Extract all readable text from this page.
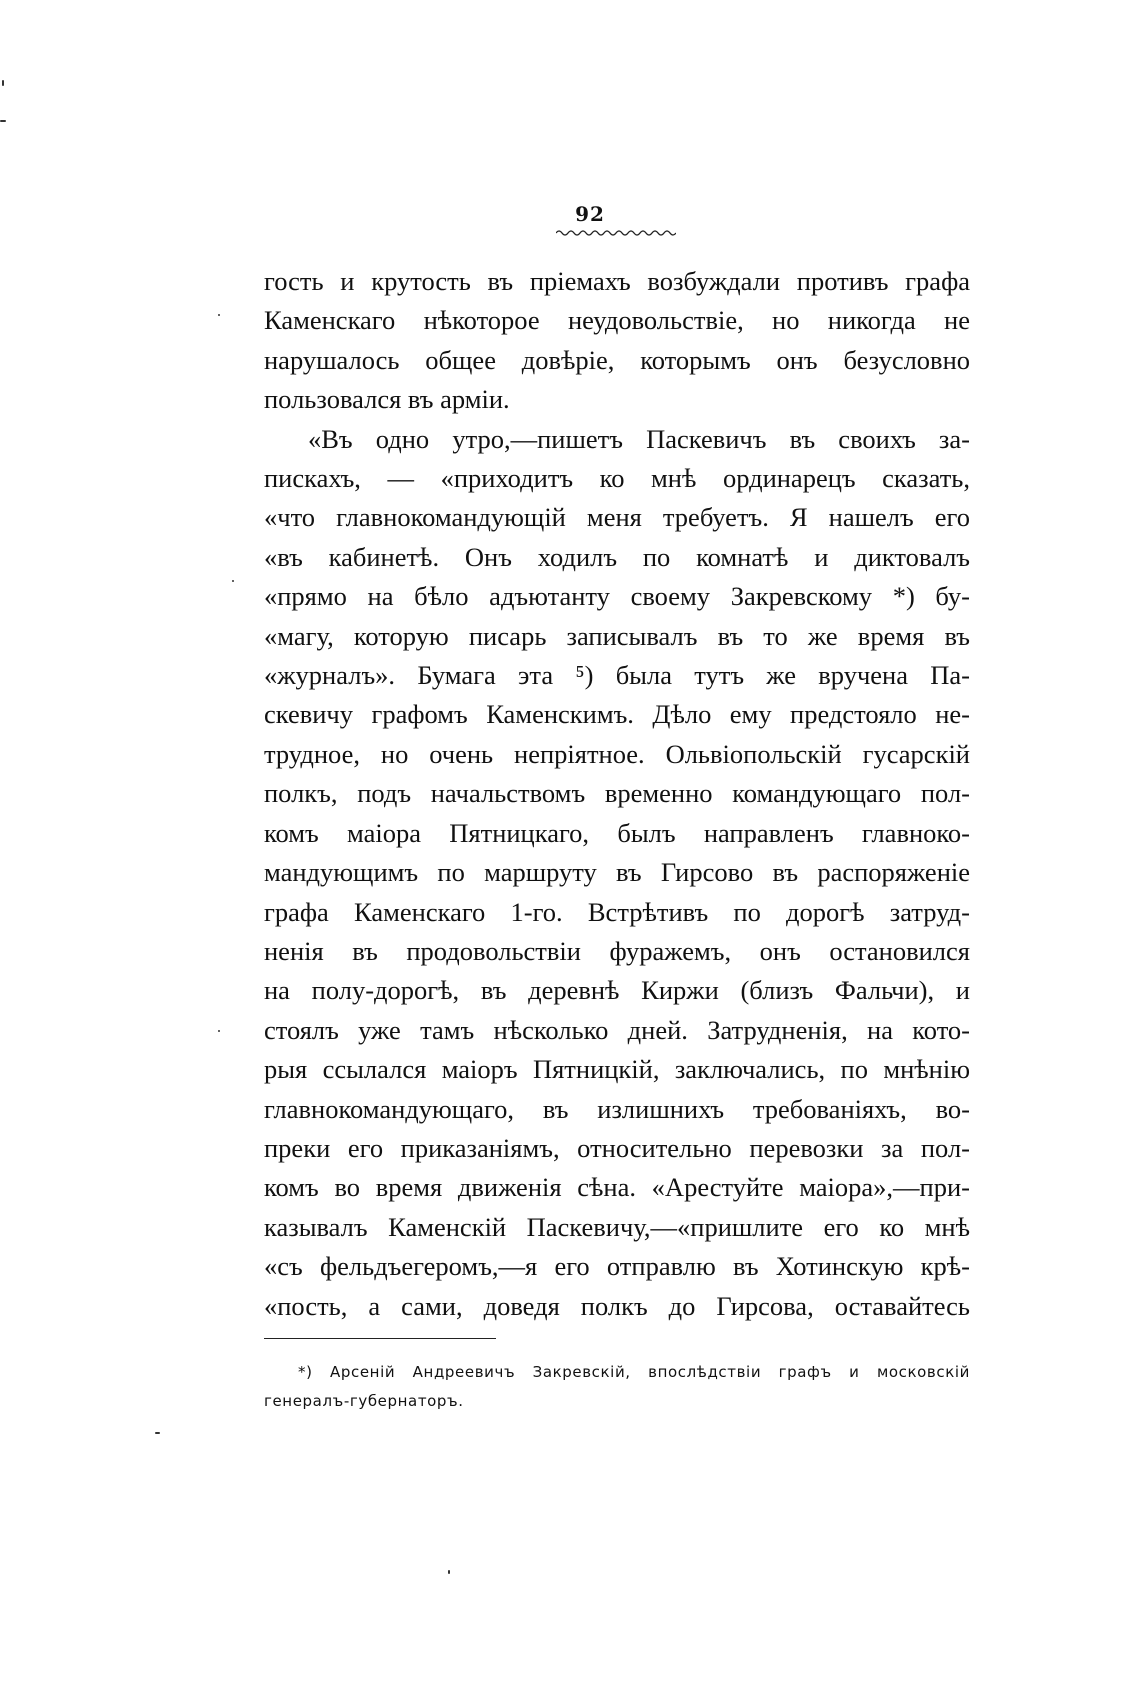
92
гость и крутость въ пріемахъ возбуждали противъ графа
Каменскаго нѣкоторое неудовольствіе, но никогда не
нарушалось общее довѣріе, которымъ онъ безусловно
пользовался въ арміи.
«Въ одно утро,—пишетъ Паскевичъ въ своихъ за-
пискахъ, — «приходитъ ко мнѣ ординарецъ сказать,
«что главнокомандующій меня требуетъ. Я нашелъ его
«въ кабинетѣ. Онъ ходилъ по комнатѣ и диктовалъ
«прямо на бѣло адъютанту своему Закревскому *) бу-
«магу, которую писарь записывалъ въ то же время въ
«журналъ». Бумага эта ⁵) была тутъ же вручена Па-
скевичу графомъ Каменскимъ. Дѣло ему предстояло не-
трудное, но очень непріятное. Ольвіопольскій гусарскій
полкъ, подъ начальствомъ временно командующаго пол-
комъ маіора Пятницкаго, былъ направленъ главноко-
мандующимъ по маршруту въ Гирсово въ распоряженіе
графа Каменскаго 1-го. Встрѣтивъ по дорогѣ затруд-
ненія въ продовольствіи фуражемъ, онъ остановился
на полу-дорогѣ, въ деревнѣ Киржи (близъ Фальчи), и
стоялъ уже тамъ нѣсколько дней. Затрудненія, на кото-
рыя ссылался маіоръ Пятницкій, заключались, по мнѣнію
главнокомандующаго, въ излишнихъ требованіяхъ, во-
преки его приказаніямъ, относительно перевозки за пол-
комъ во время движенія сѣна. «Арестуйте маіора»,—при-
казывалъ Каменскій Паскевичу,—«пришлите его ко мнѣ
«съ фельдъегеромъ,—я его отправлю въ Хотинскую крѣ-
«пость, а сами, доведя полкъ до Гирсова, оставайтесь
*) Арсеній Андреевичъ Закревскій, впослѣдствіи графъ и московскій
генералъ-губернаторъ.
